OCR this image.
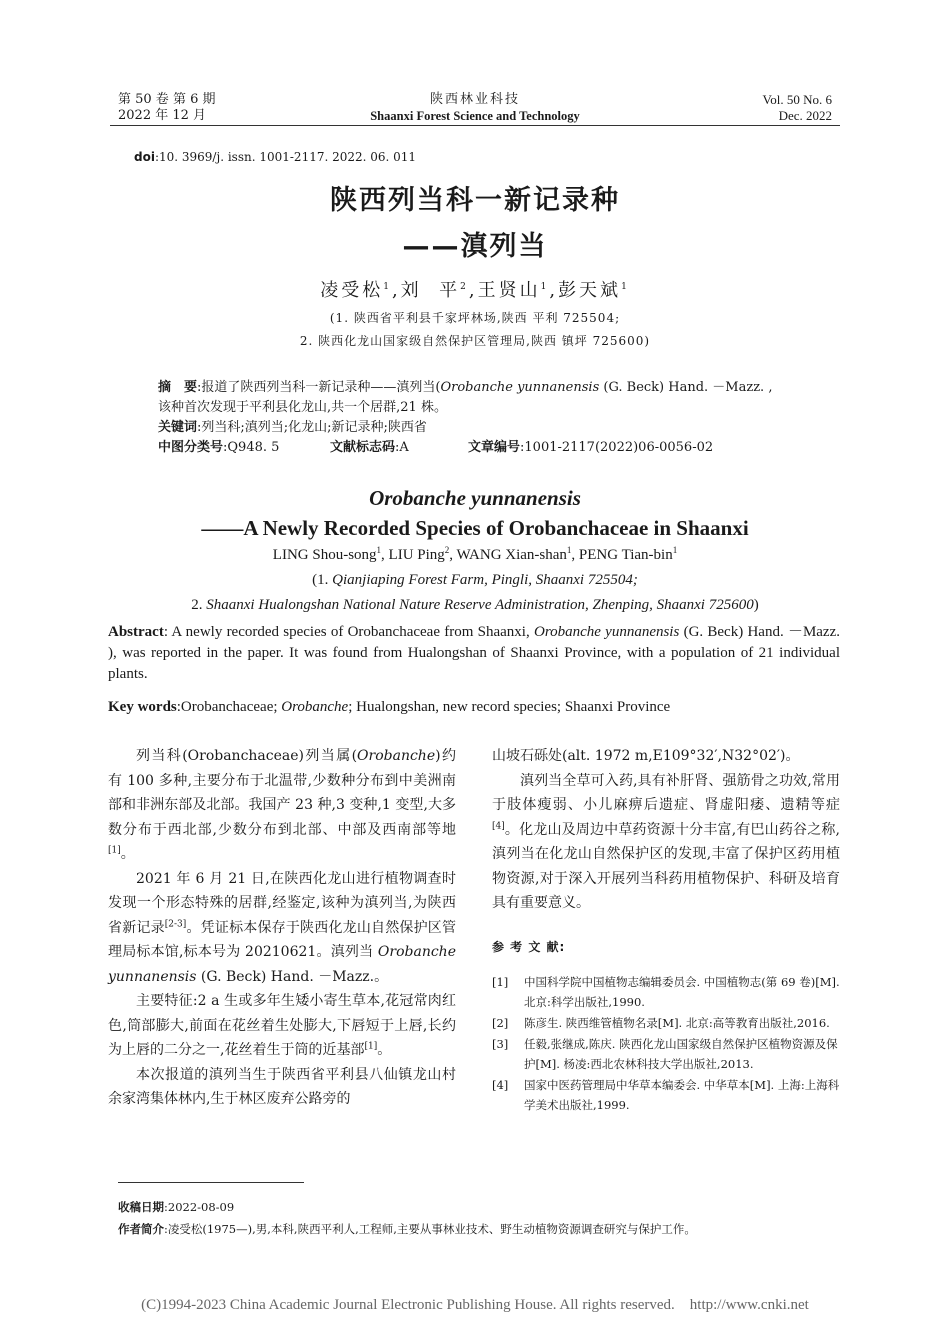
第 50 卷 第 6 期
2022 年 12 月
陕西林业科技
Shaanxi Forest Science and Technology
Vol. 50 No. 6
Dec. 2022
doi:10. 3969/j. issn. 1001-2117. 2022. 06. 011
陕西列当科一新记录种
——滇列当
凌受松$^1$,刘  平$^2$,王贤山$^1$,彭天斌$^1$
(1. 陕西省平利县千家坪林场,陕西 平利 725504;
2. 陕西化龙山国家级自然保护区管理局,陕西 镇坪 725600)
摘　要:报道了陕西列当科一新记录种——滇列当(Orobanche yunnanensis (G. Beck) Hand. －Mazz. ,
该种首次发现于平利县化龙山,共一个居群,21 株。
关键词:列当科;滇列当;化龙山;新记录种;陕西省
中图分类号:Q948. 5	文献标志码:A	文章编号:1001-2117(2022)06-0056-02
Orobanche yunnanensis
——A Newly Recorded Species of Orobanchaceae in Shaanxi
LING Shou-song$^1$, LIU Ping$^2$, WANG Xian-shan$^1$, PENG Tian-bin$^1$
(1. Qianjiaping Forest Farm, Pingli, Shaanxi 725504;
2. Shaanxi Hualongshan National Nature Reserve Administration, Zhenping, Shaanxi 725600)
Abstract: A newly recorded species of Orobanchaceae from Shaanxi, Orobanche yunnanensis (G. Beck) Hand. －Mazz. ), was reported in the paper. It was found from Hualongshan of Shaanxi Province, with a population of 21 individual plants.
Key words:Orobanchaceae; Orobanche; Hualongshan, new record species; Shaanxi Province

列当科(Orobanchaceae)列当属(Orobanche)约有 100 多种,主要分布于北温带,少数种分布到中美洲南部和非洲东部及北部。我国产 23 种,3 变种,1 变型,大多数分布于西北部,少数分布到北部、中部及西南部等地[1]。

2021 年 6 月 21 日,在陕西化龙山进行植物调查时发现一个形态特殊的居群,经鉴定,该种为滇列当,为陕西省新记录[2-3]。凭证标本保存于陕西化龙山自然保护区管理局标本馆,标本号为 20210621。滇列当 Orobanche yunnanensis (G. Beck) Hand. －Mazz.。

主要特征:2 a 生或多年生矮小寄生草本,花冠常肉红色,筒部膨大,前面在花丝着生处膨大,下唇短于上唇,长约为上唇的二分之一,花丝着生于筒的近基部[1]。

本次报道的滇列当生于陕西省平利县八仙镇龙山村余家湾集体林内,生于林区废弃公路旁的

山坡石砾处(alt. 1972 m,E109°32′,N32°02′)。

滇列当全草可入药,具有补肝肾、强筋骨之功效,常用于肢体瘦弱、小儿麻痹后遗症、肾虚阳痿、遗精等症[4]。化龙山及周边中草药资源十分丰富,有巴山药谷之称,滇列当在化龙山自然保护区的发现,丰富了保护区药用植物资源,对于深入开展列当科药用植物保护、科研及培育具有重要意义。

参 考 文 献:
[1]	中国科学院中国植物志编辑委员会. 中国植物志(第 69 卷)[M]. 北京:科学出版社,1990.
[2]	陈彦生. 陕西维管植物名录[M]. 北京:高等教育出版社,2016.
[3]	任毅,张继成,陈庆. 陕西化龙山国家级自然保护区植物资源及保护[M]. 杨凌:西北农林科技大学出版社,2013.
[4]	国家中医药管理局中华草本编委会. 中华草本[M]. 上海:上海科学美术出版社,1999.
收稿日期:2022-08-09
作者简介:凌受松(1975—),男,本科,陕西平利人,工程师,主要从事林业技术、野生动植物资源调查研究与保护工作。
(C)1994-2023 China Academic Journal Electronic Publishing House. All rights reserved.    http://www.cnki.net
